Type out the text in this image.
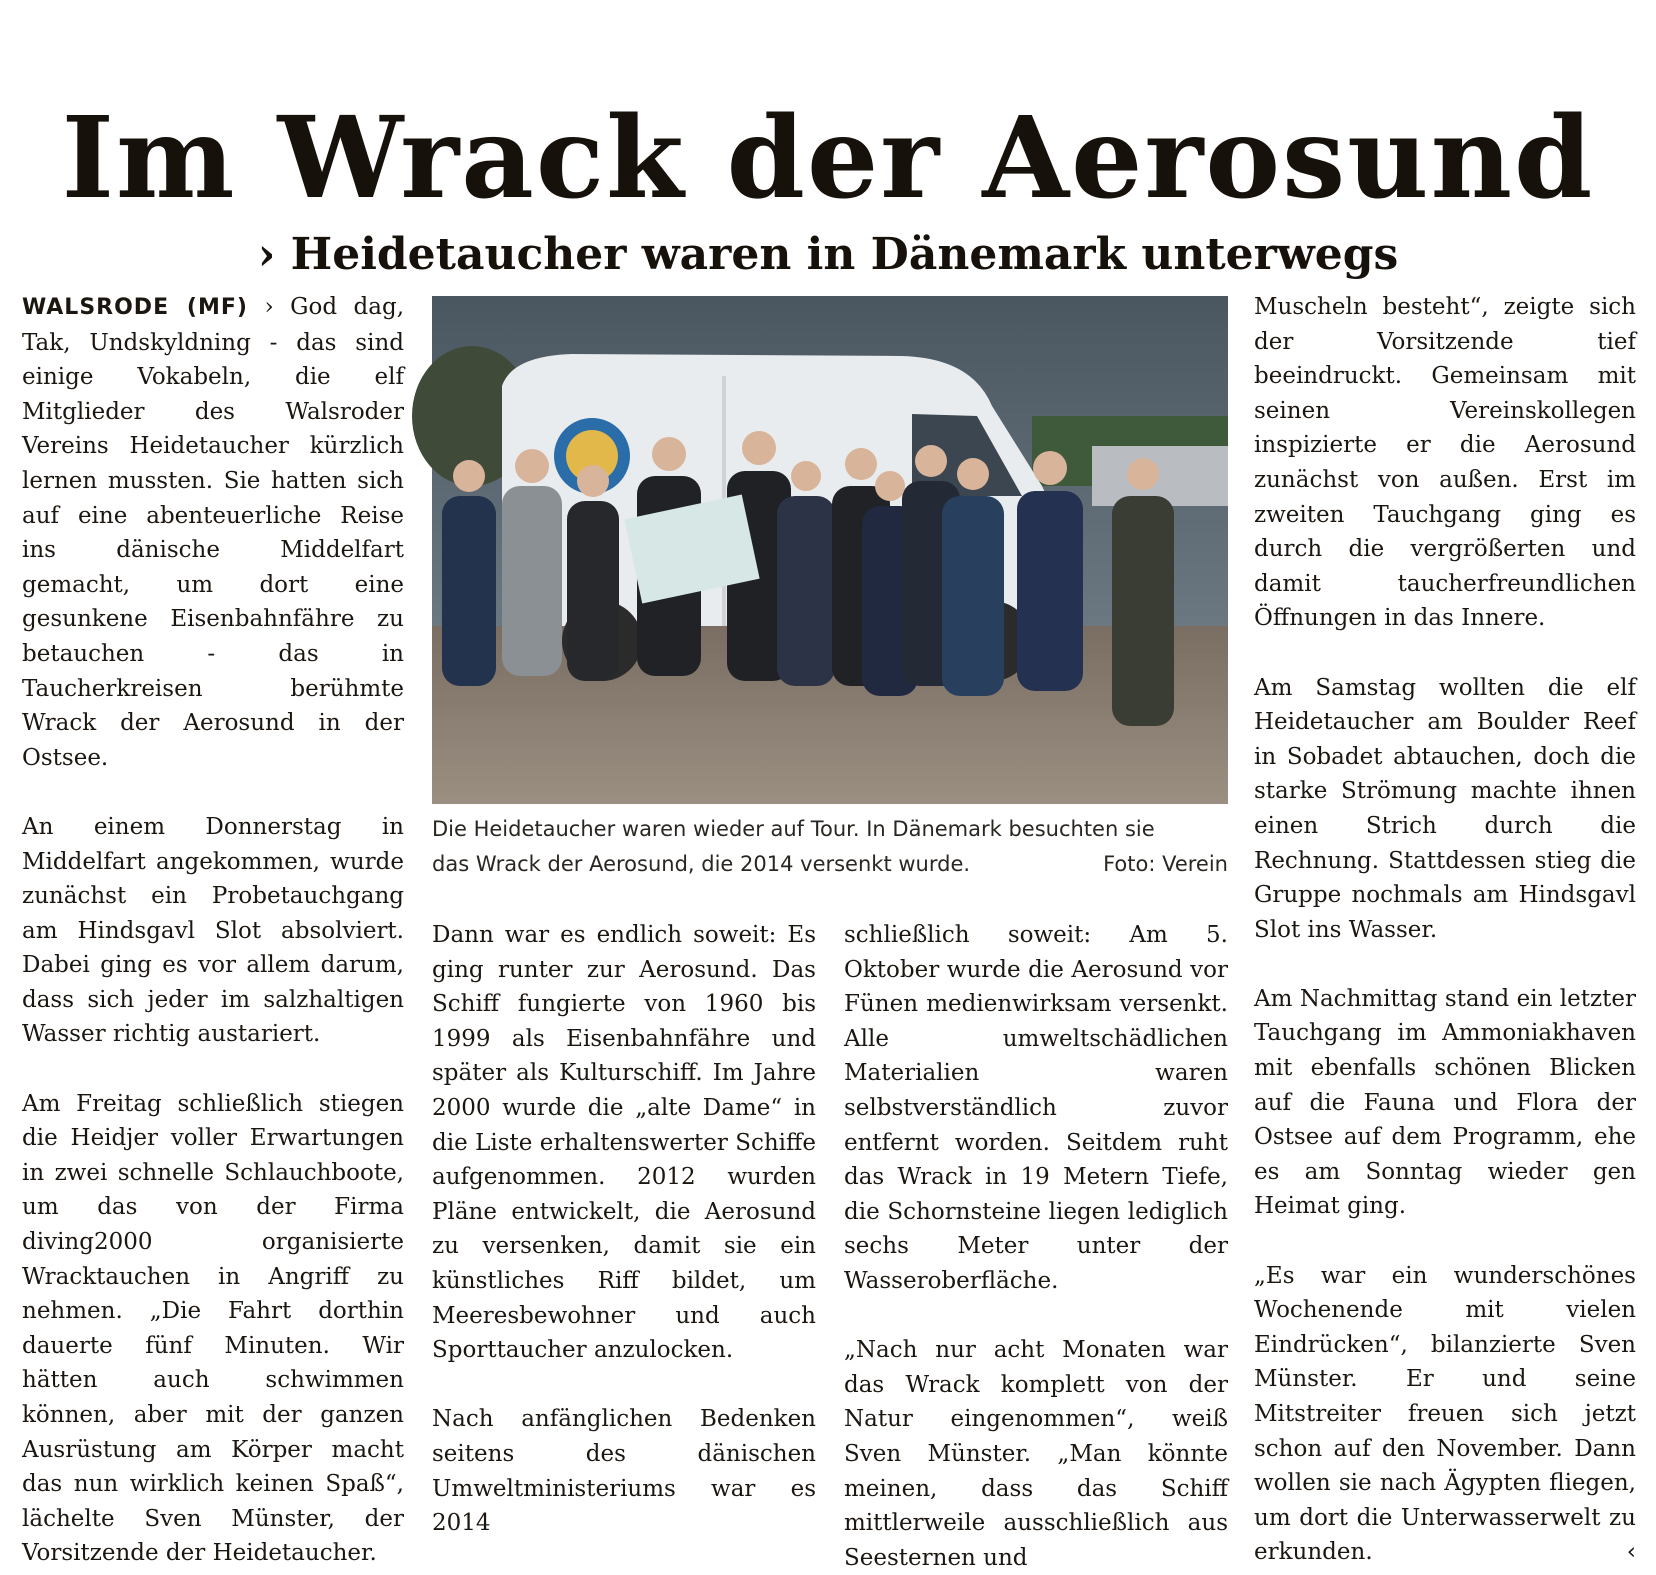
Im Wrack der Aerosund
› Heidetaucher waren in Dänemark unterwegs

WALSRODE (MF) › God dag, Tak, Undskyldning - das sind einige Vokabeln, die elf Mitglieder des Walsroder Vereins Heidetaucher kürzlich lernen mussten. Sie hatten sich auf eine abenteuerliche Reise ins dänische Middelfart gemacht, um dort eine gesunkene Eisenbahnfähre zu betauchen - das in Taucherkreisen berühmte Wrack der Aerosund in der Ostsee.

An einem Donnerstag in Middelfart angekommen, wurde zunächst ein Probetauchgang am Hindsgavl Slot absolviert. Dabei ging es vor allem darum, dass sich jeder im salzhaltigen Wasser richtig austariert.

Am Freitag schließlich stiegen die Heidjer voller Erwartungen in zwei schnelle Schlauchboote, um das von der Firma diving2000 organisierte Wracktauchen in Angriff zu nehmen. „Die Fahrt dorthin dauerte fünf Minuten. Wir hätten auch schwimmen können, aber mit der ganzen Ausrüstung am Körper macht das nun wirklich keinen Spaß“, lächelte Sven Münster, der Vorsitzende der Heidetaucher.

Die Heidetaucher waren wieder auf Tour. In Dänemark besuchten sie
das Wrack der Aerosund, die 2014 versenkt wurde.	Foto: Verein

Dann war es endlich soweit: Es ging runter zur Aerosund. Das Schiff fungierte von 1960 bis 1999 als Eisenbahnfähre und später als Kulturschiff. Im Jahre 2000 wurde die „alte Dame“ in die Liste erhaltenswerter Schiffe aufgenommen. 2012 wurden Pläne entwickelt, die Aerosund zu versenken, damit sie ein künstliches Riff bildet, um Meeresbewohner und auch Sporttaucher anzulocken.

Nach anfänglichen Bedenken seitens des dänischen Umweltministeriums war es 2014

schließlich soweit: Am 5. Oktober wurde die Aerosund vor Fünen medienwirksam versenkt. Alle umweltschädlichen Materialien waren selbstverständlich zuvor entfernt worden. Seitdem ruht das Wrack in 19 Metern Tiefe, die Schornsteine liegen lediglich sechs Meter unter der Wasseroberfläche.

„Nach nur acht Monaten war das Wrack komplett von der Natur eingenommen“, weiß Sven Münster. „Man könnte meinen, dass das Schiff mittlerweile ausschließlich aus Seesternen und

Muscheln besteht“, zeigte sich der Vorsitzende tief beeindruckt. Gemeinsam mit seinen Vereinskollegen inspizierte er die Aerosund zunächst von außen. Erst im zweiten Tauchgang ging es durch die vergrößerten und damit taucherfreundlichen Öffnungen in das Innere.

Am Samstag wollten die elf Heidetaucher am Boulder Reef in Sobadet abtauchen, doch die starke Strömung machte ihnen einen Strich durch die Rechnung. Stattdessen stieg die Gruppe nochmals am Hindsgavl Slot ins Wasser.

Am Nachmittag stand ein letzter Tauchgang im Ammoniakhaven mit ebenfalls schönen Blicken auf die Fauna und Flora der Ostsee auf dem Programm, ehe es am Sonntag wieder gen Heimat ging.

„Es war ein wunderschönes Wochenende mit vielen Eindrücken“, bilanzierte Sven Münster. Er und seine Mitstreiter freuen sich jetzt schon auf den November. Dann wollen sie nach Ägypten fliegen, um dort die Unterwasserwelt zu erkunden.	‹
